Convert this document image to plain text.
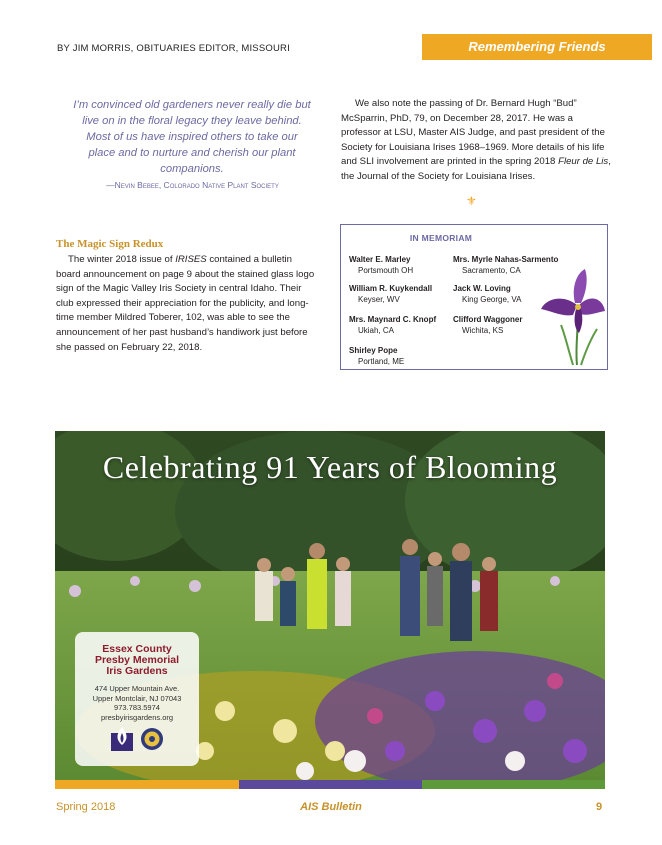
BY JIM MORRIS, OBITUARIES EDITOR, MISSOURI	Remembering Friends
I’m convinced old gardeners never really die but live on in the floral legacy they leave behind. Most of us have inspired others to take our place and to nurture and cherish our plant companions.
—Nevin Bebee, Colorado Native Plant Society

We also note the passing of Dr. Bernard Hugh “Bud” McSparrin, PhD, 79, on December 28, 2017. He was a professor at LSU, Master AIS Judge, and past president of the Society for Louisiana Irises 1968–1969. More details of his life and SLI involvement are printed in the spring 2018 Fleur de Lis, the Journal of the Society for Louisiana Irises.

⚜
The Magic Sign Redux

The winter 2018 issue of IRISES contained a bulletin board announcement on page 9 about the stained glass logo sign of the Magic Valley Iris Society in central Idaho. Their club expressed their appreciation for the publicity, and long-time member Mildred Toberer, 102, was able to see the announcement of her past husband’s handiwork just before she passed on February 22, 2018.

IN MEMORIAM
Walter E. Marley
Portsmouth OH
William R. Kuykendall
Keyser, WV
Mrs. Maynard C. Knopf
Ukiah, CA
Shirley Pope
Portland, ME
Mrs. Myrle Nahas-Sarmento
Sacramento, CA
Jack W. Loving
King George, VA
Clifford Waggoner
Wichita, KS
Celebrating 91 Years of Blooming
Essex County
Presby Memorial
Iris Gardens
474 Upper Mountain Ave.
Upper Montclair, NJ 07043
973.783.5974
presbyirisgardens.org
Spring 2018	AIS Bulletin	9
